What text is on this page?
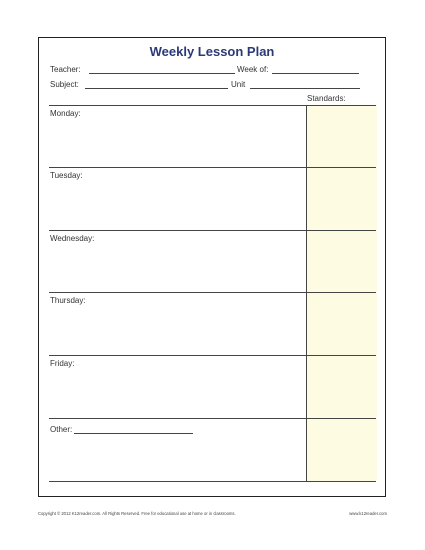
Weekly Lesson Plan
Teacher:	Week of:
Subject:	Unit
Standards:
Monday:
Tuesday:
Wednesday:
Thursday:
Friday:
Other:
Copyright © 2012 K12reader.com. All Rights Reserved. Free for educational use at home or in classrooms.	www.k12reader.com
